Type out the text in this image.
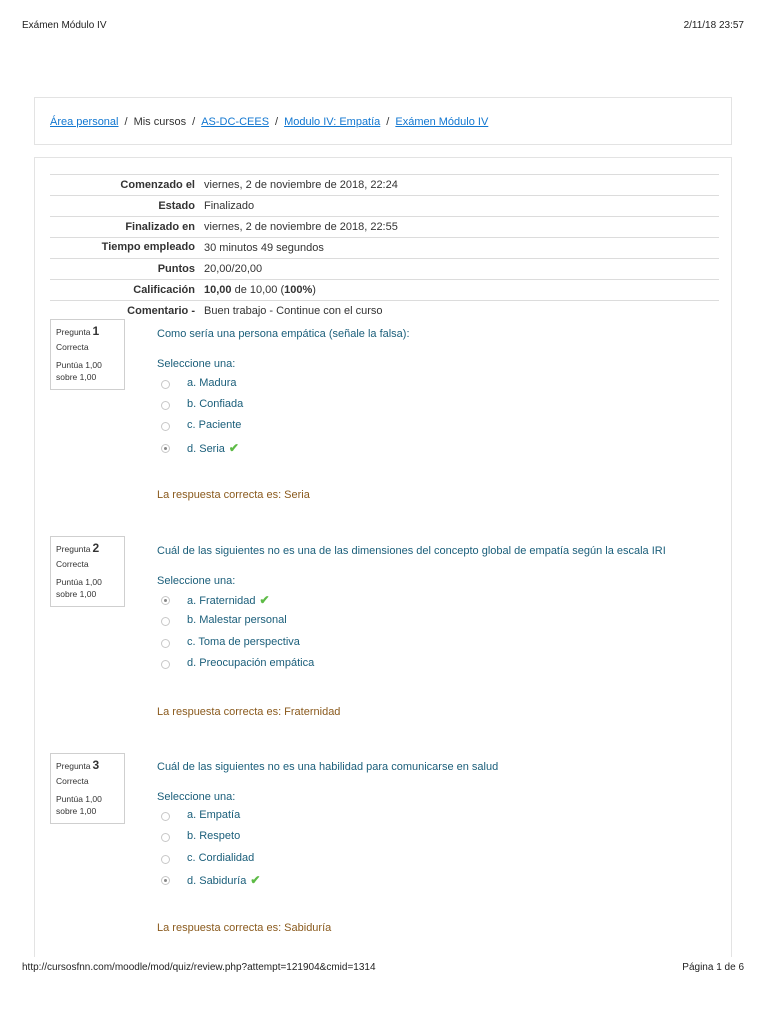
Exámen Módulo IV	2/11/18 23:57
Área personal / Mis cursos / AS-DC-CEES / Modulo IV: Empatía / Exámen Módulo IV
Comenzado el	viernes, 2 de noviembre de 2018, 22:24
Estado	Finalizado
Finalizado en	viernes, 2 de noviembre de 2018, 22:55
Tiempo empleado	30 minutos 49 segundos
Puntos	20,00/20,00
Calificación	10,00 de 10,00 (100%)
Comentario -	Buen trabajo - Continue con el curso
Pregunta 1
Correcta
Puntúa 1,00 sobre 1,00
Como sería una persona empática (señale la falsa):
Seleccione una:
a. Madura
b. Confiada
c. Paciente
d. Seria ✔
La respuesta correcta es: Seria
Pregunta 2
Correcta
Puntúa 1,00 sobre 1,00
Cuál de las siguientes no es una de las dimensiones del concepto global de empatía según la escala IRI
Seleccione una:
a. Fraternidad ✔
b. Malestar personal
c. Toma de perspectiva
d. Preocupación empática
La respuesta correcta es: Fraternidad
Pregunta 3
Correcta
Puntúa 1,00 sobre 1,00
Cuál de las siguientes no es una habilidad para comunicarse en salud
Seleccione una:
a. Empatía
b. Respeto
c. Cordialidad
d. Sabiduría ✔
La respuesta correcta es: Sabiduría
http://cursosfnn.com/moodle/mod/quiz/review.php?attempt=121904&cmid=1314	Página 1 de 6
